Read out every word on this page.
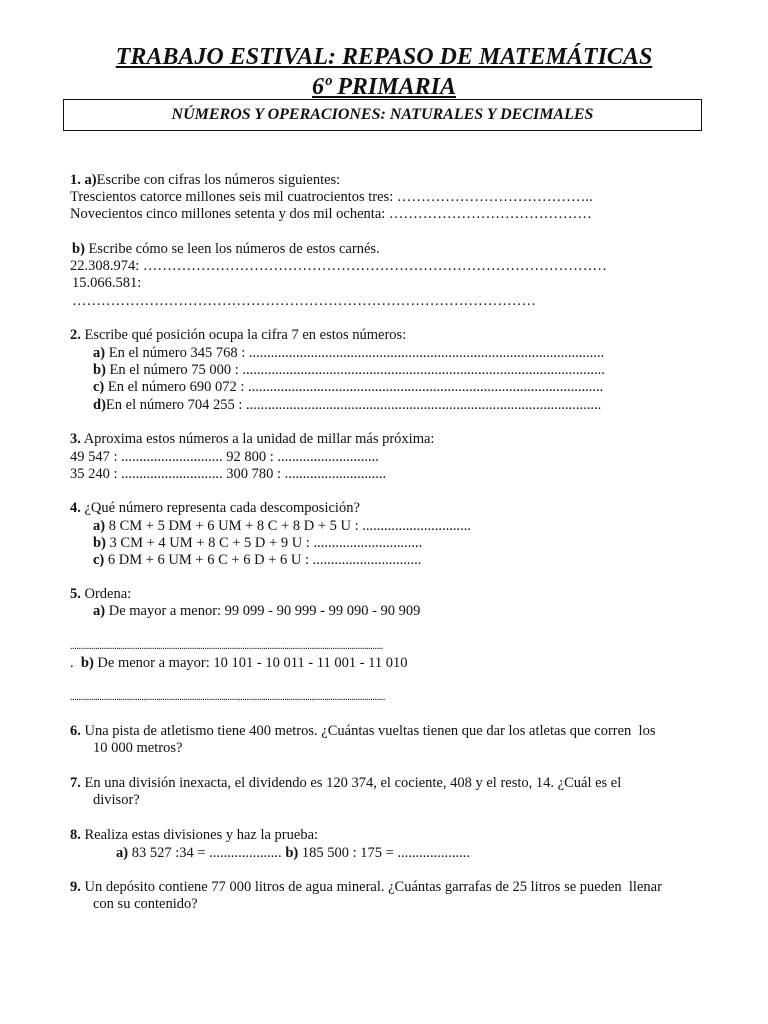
TRABAJO ESTIVAL: REPASO DE MATEMÁTICAS
6º PRIMARIA
NÚMEROS Y OPERACIONES: NATURALES Y DECIMALES
1. a)Escribe con cifras los números siguientes:
Trescientos catorce millones seis mil cuatrocientos tres: …………………………………..
Novecientos cinco millones setenta y dos mil ochenta: ……………………………………
b) Escribe cómo se leen los números de estos carnés.
22.308.974: ……………………………………………………………………………………
15.066.581:
……………………………………………………………………………………
2. Escribe qué posición ocupa la cifra 7 en estos números:
a) En el número 345 768 : ..................................................................................................
b) En el número 75 000 : ....................................................................................................
c) En el número 690 072 : ..................................................................................................
d)En el número 704 255 : ..................................................................................................
3. Aproxima estos números a la unidad de millar más próxima:
49 547 : ............................ 92 800 : ............................
35 240 : ............................ 300 780 : ............................
4. ¿Qué número representa cada descomposición?
a) 8 CM + 5 DM + 6 UM + 8 C + 8 D + 5 U : ..............................
b) 3 CM + 4 UM + 8 C + 5 D + 9 U : ..............................
c) 6 DM + 6 UM + 6 C + 6 D + 6 U : ..............................
5. Ordena:
a) De mayor a menor: 99 099 - 90 999 - 99 090 - 90 909
.....................................................................................................................................................
.  b) De menor a mayor: 10 101 - 10 011 - 11 001 - 11 010
......................................................................................................................................................
6. Una pista de atletismo tiene 400 metros. ¿Cuántas vueltas tienen que dar los atletas que corren  los
10 000 metros?
7. En una división inexacta, el dividendo es 120 374, el cociente, 408 y el resto, 14. ¿Cuál es el
divisor?
8. Realiza estas divisiones y haz la prueba:
a) 83 527 :34 = .................... b) 185 500 : 175 = ....................
9. Un depósito contiene 77 000 litros de agua mineral. ¿Cuántas garrafas de 25 litros se pueden  llenar
con su contenido?
